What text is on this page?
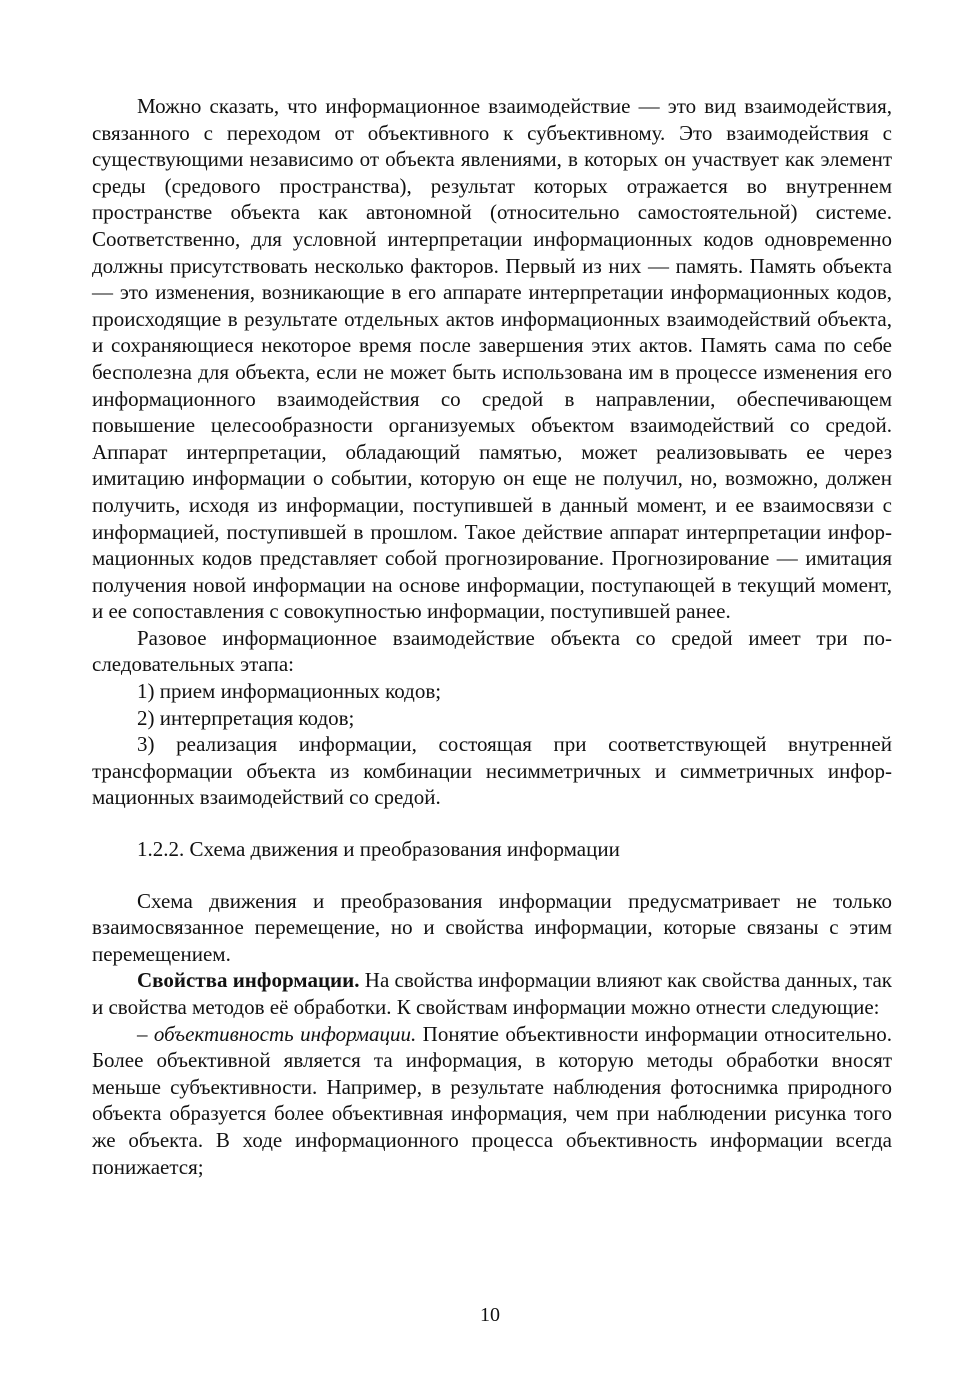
Можно сказать, что информационное взаимодействие — это вид взаимодействия, связанного с переходом от объективного к субъективному. Это взаимодействия с существующими независимо от объекта явлениями, в которых он участвует как элемент среды (средового пространства), результат которых отражается во внутреннем пространстве объекта как автономной (относительно самостоятельной) системе. Соответственно, для условной интерпретации информационных кодов одновременно должны присутствовать несколько факторов. Первый из них — память. Память объекта — это изменения, возникающие в его аппарате интерпретации информационных кодов, происходящие в результате отдельных актов информационных взаимодействий объекта, и сохраняющиеся некоторое время после завершения этих актов. Память сама по себе бесполезна для объекта, если не может быть использована им в процессе изменения его информационного взаимодействия со средой в направлении, обеспечивающем повышение целесообразности организуемых объектом взаимодействий со средой. Аппарат интерпретации, обладающий памятью, может реализовывать ее через имитацию информации о событии, которую он еще не получил, но, возможно, должен получить, исходя из информации, поступившей в данный момент, и ее взаимосвязи с информацией, поступившей в прошлом. Такое действие аппарат интерпретации информационных кодов представляет собой прогнозирование. Прогнозирование — имитация получения новой информации на основе информации, поступающей в текущий момент, и ее сопоставления с совокупностью информации, поступившей ранее.

Разовое информационное взаимодействие объекта со средой имеет три последовательных этапа:

1) прием информационных кодов;

2) интерпретация кодов;

3) реализация информации, состоящая при соответствующей внутренней трансформации объекта из комбинации несимметричных и симметричных информационных взаимодействий со средой.

1.2.2. Схема движения и преобразования информации

Схема движения и преобразования информации предусматривает не только взаимосвязанное перемещение, но и свойства информации, которые связаны с этим перемещением.

Свойства информации. На свойства информации влияют как свойства данных, так и свойства методов её обработки. К свойствам информации можно отнести следующие:

– объективность информации. Понятие объективности информации относительно. Более объективной является та информация, в которую методы обработки вносят меньше субъективности. Например, в результате наблюдения фотоснимка природного объекта образуется более объективная информация, чем при наблюдении рисунка того же объекта. В ходе информационного процесса объективность информации всегда понижается;

10
